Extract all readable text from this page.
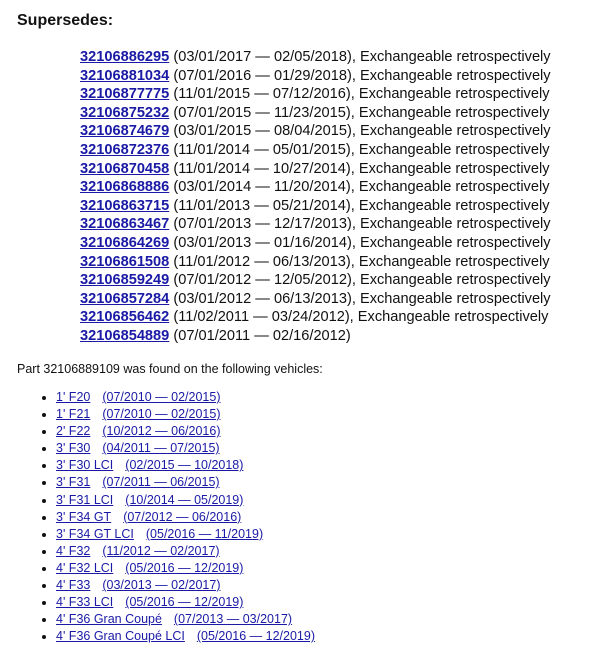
Supersedes:
32106886295 (03/01/2017 — 02/05/2018), Exchangeable retrospectively
32106881034 (07/01/2016 — 01/29/2018), Exchangeable retrospectively
32106877775 (11/01/2015 — 07/12/2016), Exchangeable retrospectively
32106875232 (07/01/2015 — 11/23/2015), Exchangeable retrospectively
32106874679 (03/01/2015 — 08/04/2015), Exchangeable retrospectively
32106872376 (11/01/2014 — 05/01/2015), Exchangeable retrospectively
32106870458 (11/01/2014 — 10/27/2014), Exchangeable retrospectively
32106868886 (03/01/2014 — 11/20/2014), Exchangeable retrospectively
32106863715 (11/01/2013 — 05/21/2014), Exchangeable retrospectively
32106863467 (07/01/2013 — 12/17/2013), Exchangeable retrospectively
32106864269 (03/01/2013 — 01/16/2014), Exchangeable retrospectively
32106861508 (11/01/2012 — 06/13/2013), Exchangeable retrospectively
32106859249 (07/01/2012 — 12/05/2012), Exchangeable retrospectively
32106857284 (03/01/2012 — 06/13/2013), Exchangeable retrospectively
32106856462 (11/02/2011 — 03/24/2012), Exchangeable retrospectively
32106854889 (07/01/2011 — 02/16/2012)

Part 32106889109 was found on the following vehicles:

• 1' F20 (07/2010 — 02/2015)
• 1' F21 (07/2010 — 02/2015)
• 2' F22 (10/2012 — 06/2016)
• 3' F30 (04/2011 — 07/2015)
• 3' F30 LCI (02/2015 — 10/2018)
• 3' F31 (07/2011 — 06/2015)
• 3' F31 LCI (10/2014 — 05/2019)
• 3' F34 GT (07/2012 — 06/2016)
• 3' F34 GT LCI (05/2016 — 11/2019)
• 4' F32 (11/2012 — 02/2017)
• 4' F32 LCI (05/2016 — 12/2019)
• 4' F33 (03/2013 — 02/2017)
• 4' F33 LCI (05/2016 — 12/2019)
• 4' F36 Gran Coupé (07/2013 — 03/2017)
• 4' F36 Gran Coupé LCI (05/2016 — 12/2019)
